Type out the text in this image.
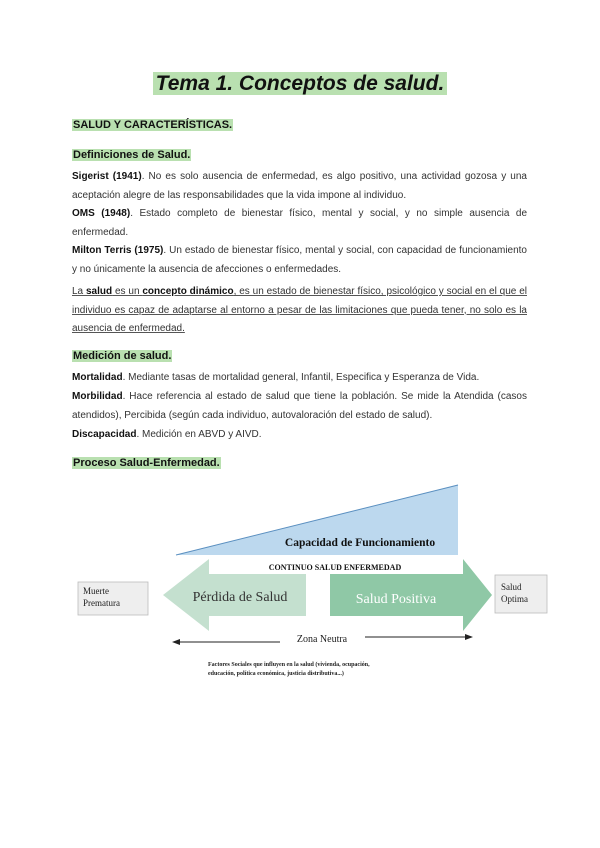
Tema 1. Conceptos de salud.
SALUD Y CARACTERÍSTICAS.
Definiciones de Salud.
Sigerist (1941). No es solo ausencia de enfermedad, es algo positivo, una actividad gozosa y una aceptación alegre de las responsabilidades que la vida impone al individuo.
OMS (1948). Estado completo de bienestar físico, mental y social, y no simple ausencia de enfermedad.
Milton Terris (1975). Un estado de bienestar físico, mental y social, con capacidad de funcionamiento y no únicamente la ausencia de afecciones o enfermedades.
La salud es un concepto dinámico, es un estado de bienestar físico, psicológico y social en el que el individuo es capaz de adaptarse al entorno a pesar de las limitaciones que pueda tener, no solo es la ausencia de enfermedad.
Medición de salud.
Mortalidad. Mediante tasas de mortalidad general, Infantil, Especifica y Esperanza de Vida.
Morbilidad. Hace referencia al estado de salud que tiene la población. Se mide la Atendida (casos atendidos), Percibida (según cada individuo, autovaloración del estado de salud).
Discapacidad. Medición en ABVD y AIVD.
Proceso Salud-Enfermedad.
Capacidad de Funcionamiento
CONTINUO SALUD ENFERMEDAD
Pérdida de Salud	Salud Positiva
Muerte
Prematura
Salud
Optima
Zona Neutra
Factores Sociales que influyen en la salud (vivienda, ocupación,
educación, política económica, justicia distributiva...)
